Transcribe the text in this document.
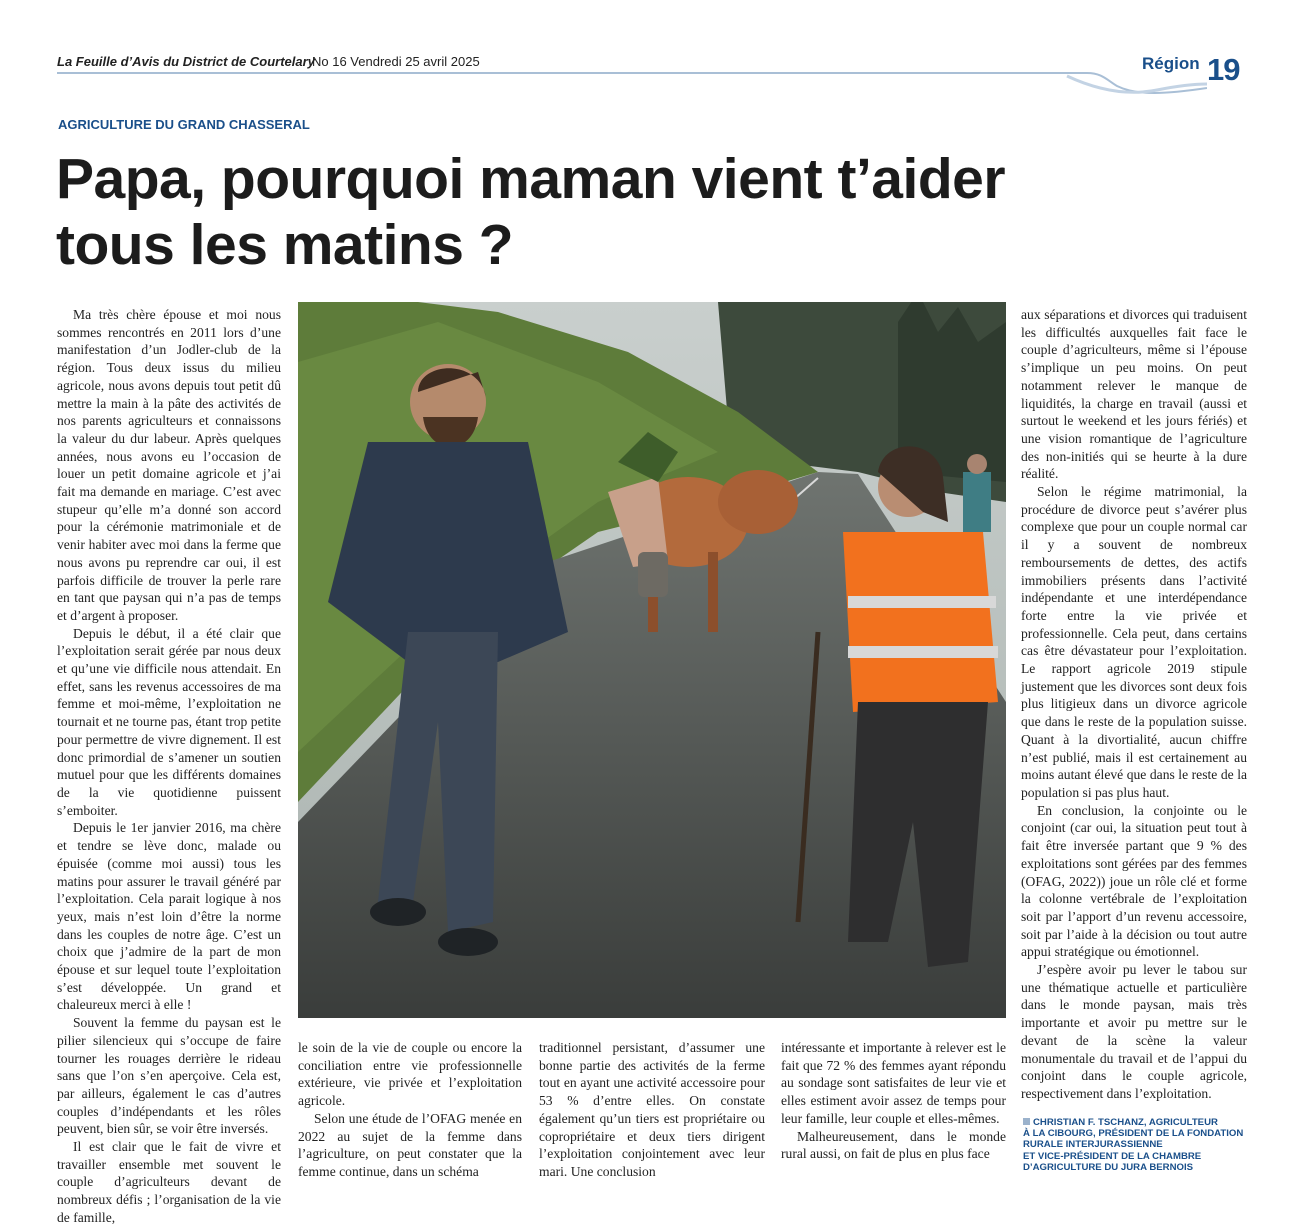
La Feuille d’Avis du District de Courtelary
No 16 Vendredi 25 avril 2025	Région 19
AGRICULTURE DU GRAND CHASSERAL
Papa, pourquoi maman vient t’aider
tous les matins ?

Ma très chère épouse et moi nous sommes rencontrés en 2011 lors d’une manifestation d’un Jodler-club de la région. Tous deux issus du milieu agricole, nous avons depuis tout petit dû mettre la main à la pâte des activités de nos parents agriculteurs et connaissons la valeur du dur labeur. Après quelques années, nous avons eu l’occasion de louer un petit domaine agricole et j’ai fait ma demande en mariage. C’est avec stupeur qu’elle m’a donné son accord pour la cérémonie matrimoniale et de venir habiter avec moi dans la ferme que nous avons pu reprendre car oui, il est parfois difficile de trouver la perle rare en tant que paysan qui n’a pas de temps et d’argent à proposer.

Depuis le début, il a été clair que l’exploitation serait gérée par nous deux et qu’une vie difficile nous attendait. En effet, sans les revenus accessoires de ma femme et moi-même, l’exploitation ne tournait et ne tourne pas, étant trop petite pour permettre de vivre dignement. Il est donc primordial de s’amener un soutien mutuel pour que les différents domaines de la vie quotidienne puissent s’emboiter.

Depuis le 1er janvier 2016, ma chère et tendre se lève donc, malade ou épuisée (comme moi aussi) tous les matins pour assurer le travail généré par l’exploitation. Cela parait logique à nos yeux, mais n’est loin d’être la norme dans les couples de notre âge. C’est un choix que j’admire de la part de mon épouse et sur lequel toute l’exploitation s’est développée. Un grand et chaleureux merci à elle !

Souvent la femme du paysan est le pilier silencieux qui s’occupe de faire tourner les rouages derrière le rideau sans que l’on s’en aperçoive. Cela est, par ailleurs, également le cas d’autres couples d’indépendants et les rôles peuvent, bien sûr, se voir être inversés.

Il est clair que le fait de vivre et travailler ensemble met souvent le couple d’agriculteurs devant de nombreux défis ; l’organisation de la vie de famille,

le soin de la vie de couple ou encore la conciliation entre vie professionnelle extérieure, vie privée et l’exploitation agricole.

Selon une étude de l’OFAG menée en 2022 au sujet de la femme dans l’agriculture, on peut constater que la femme continue, dans un schéma

traditionnel persistant, d’assumer une bonne partie des activités de la ferme tout en ayant une activité accessoire pour 53 % d’entre elles. On constate également qu’un tiers est propriétaire ou copropriétaire et deux tiers dirigent l’exploitation conjointement avec leur mari. Une conclusion

intéressante et importante à relever est le fait que 72 % des femmes ayant répondu au sondage sont satisfaites de leur vie et elles estiment avoir assez de temps pour leur famille, leur couple et elles-mêmes.

Malheureusement, dans le monde rural aussi, on fait de plus en plus face

aux séparations et divorces qui traduisent les difficultés auxquelles fait face le couple d’agriculteurs, même si l’épouse s’implique un peu moins. On peut notamment relever le manque de liquidités, la charge en travail (aussi et surtout le weekend et les jours fériés) et une vision romantique de l’agriculture des non-initiés qui se heurte à la dure réalité.

Selon le régime matrimonial, la procédure de divorce peut s’avérer plus complexe que pour un couple normal car il y a souvent de nombreux remboursements de dettes, des actifs immobiliers présents dans l’activité indépendante et une interdépendance forte entre la vie privée et professionnelle. Cela peut, dans certains cas être dévastateur pour l’exploitation. Le rapport agricole 2019 stipule justement que les divorces sont deux fois plus litigieux dans un divorce agricole que dans le reste de la population suisse. Quant à la divortialité, aucun chiffre n’est publié, mais il est certainement au moins autant élevé que dans le reste de la population si pas plus haut.

En conclusion, la conjointe ou le conjoint (car oui, la situation peut tout à fait être inversée partant que 9 % des exploitations sont gérées par des femmes (OFAG, 2022)) joue un rôle clé et forme la colonne vertébrale de l’exploitation soit par l’apport d’un revenu accessoire, soit par l’aide à la décision ou tout autre appui stratégique ou émotionnel.

J’espère avoir pu lever le tabou sur une thématique actuelle et particulière dans le monde paysan, mais très importante et avoir pu mettre sur le devant de la scène la valeur monumentale du travail et de l’appui du conjoint dans le couple agricole, respectivement dans l’exploitation.

CHRISTIAN F. TSCHANZ, AGRICULTEUR
À LA CIBOURG, PRÉSIDENT DE LA FONDATION
RURALE INTERJURASSIENNE
ET VICE-PRÉSIDENT DE LA CHAMBRE
D’AGRICULTURE DU JURA BERNOIS
